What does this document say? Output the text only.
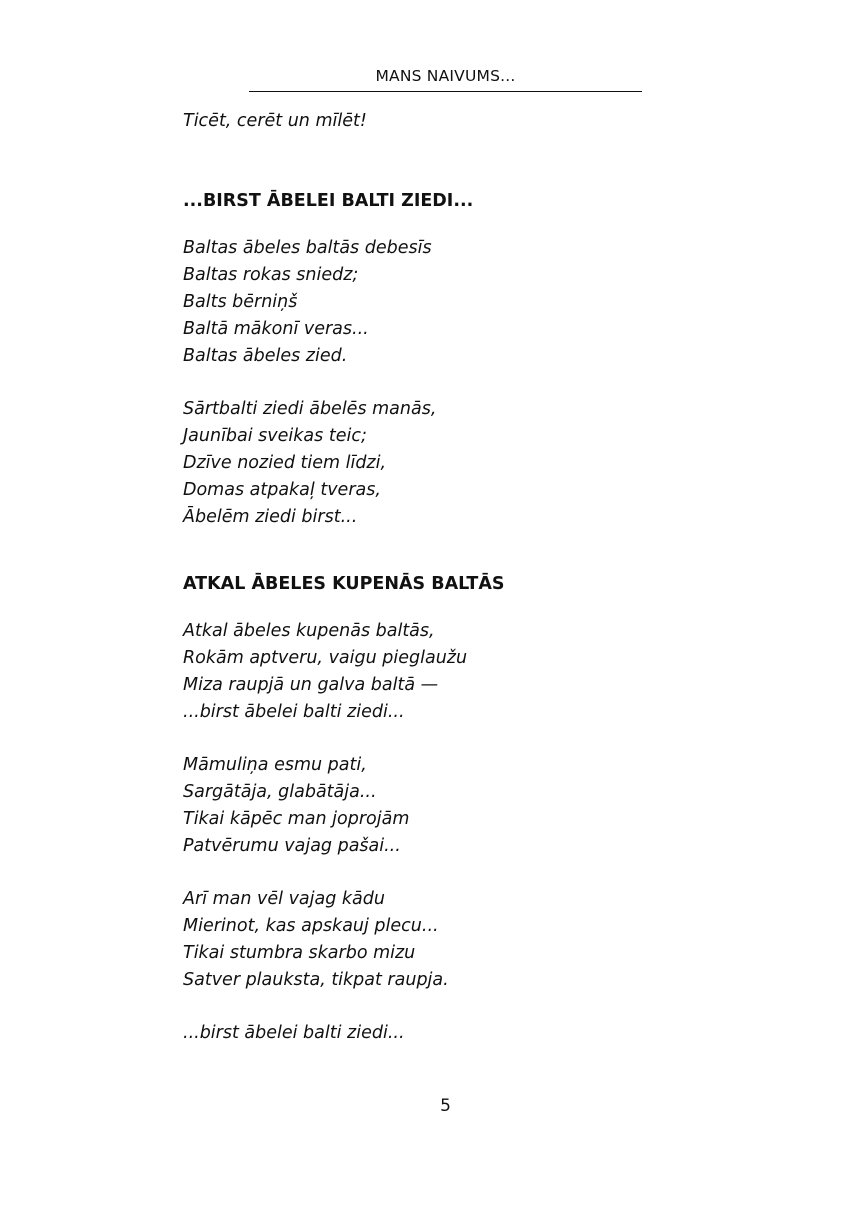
MANS NAIVUMS...

Ticēt, cerēt un mīlēt!

...BIRST ĀBELEI BALTI ZIEDI...
Baltas ābeles baltās debesīs
Baltas rokas sniedz;
Balts bērniņš
Baltā mākonī veras...
Baltas ābeles zied.
Sārtbalti ziedi ābelēs manās,
Jaunībai sveikas teic;
Dzīve nozied tiem līdzi,
Domas atpakaļ tveras,
Ābelēm ziedi birst...
ATKAL ĀBELES KUPENĀS BALTĀS
Atkal ābeles kupenās baltās,
Rokām aptveru, vaigu pieglaužu
Miza raupjā un galva baltā —
...birst ābelei balti ziedi...
Māmuliņa esmu pati,
Sargātāja, glabātāja...
Tikai kāpēc man joprojām
Patvērumu vajag pašai...
Arī man vēl vajag kādu
Mierinot, kas apskauj plecu...
Tikai stumbra skarbo mizu
Satver plauksta, tikpat raupja.
...birst ābelei balti ziedi...
5
